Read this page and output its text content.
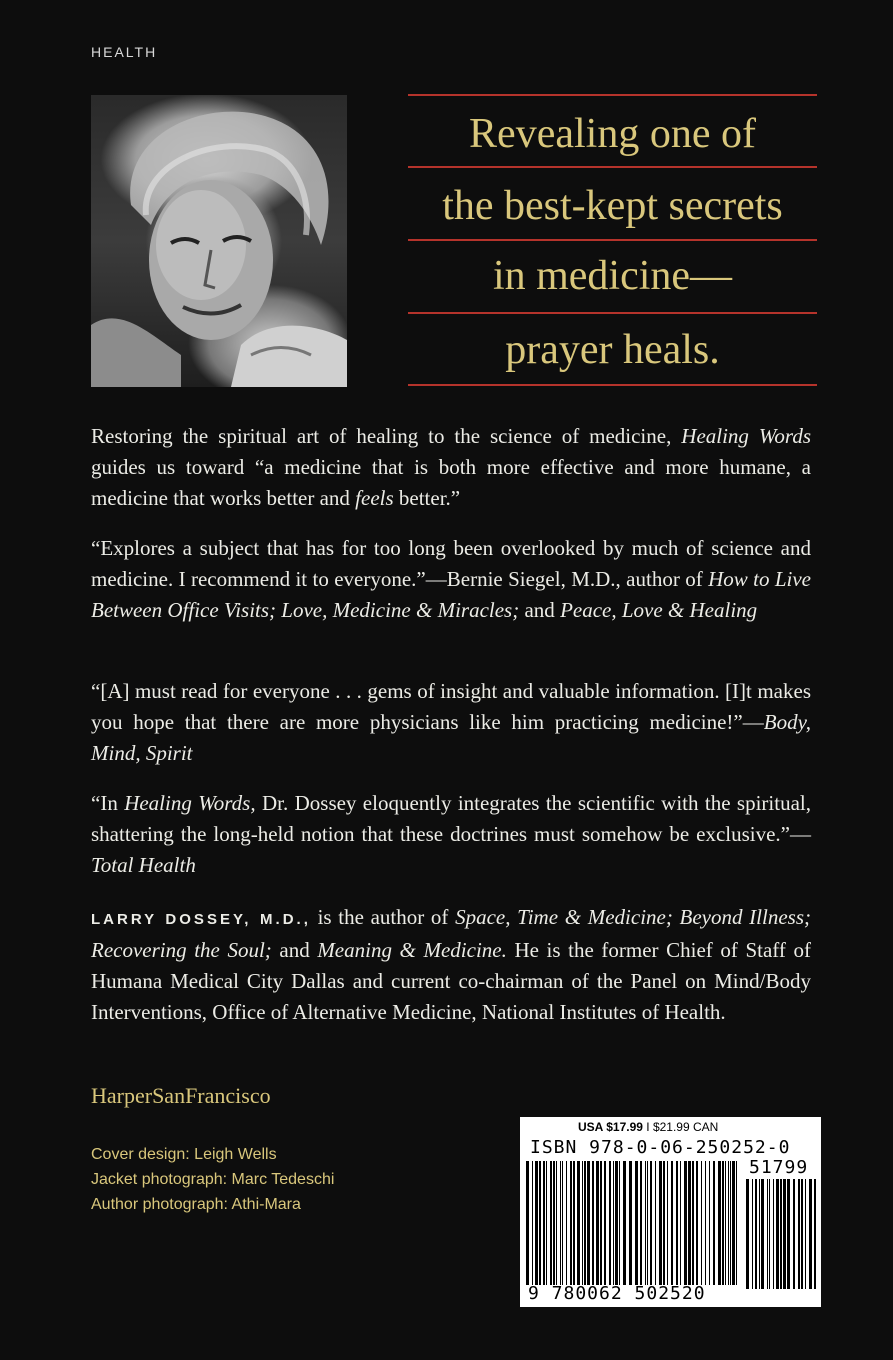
HEALTH
Revealing one of
the best-kept secrets
in medicine—
prayer heals.
Restoring the spiritual art of healing to the science of medicine, Healing Words guides us toward “a medicine that is both more effective and more humane, a medicine that works better and feels better.”
“Explores a subject that has for too long been overlooked by much of science and medicine. I recommend it to everyone.”—Bernie Siegel, M.D., author of How to Live Between Office Visits; Love, Medicine & Miracles; and Peace, Love & Healing
“[A] must read for everyone . . . gems of insight and valuable information. [I]t makes you hope that there are more physicians like him practicing medicine!”—Body, Mind, Spirit
“In Healing Words, Dr. Dossey eloquently integrates the scientific with the spiritual, shattering the long-held notion that these doctrines must somehow be exclusive.”—Total Health
LARRY DOSSEY, M.D., is the author of Space, Time & Medicine; Beyond Illness; Recovering the Soul; and Meaning & Medicine. He is the former Chief of Staff of Humana Medical City Dallas and current co-chairman of the Panel on Mind/Body Interventions, Office of Alternative Medicine, National Institutes of Health.
HarperSanFrancisco
Cover design: Leigh Wells
Jacket photograph: Marc Tedeschi
Author photograph: Athi-Mara
USA $17.99 I $21.99 CAN
ISBN 978-0-06-250252-0
51799
9 780062 502520
